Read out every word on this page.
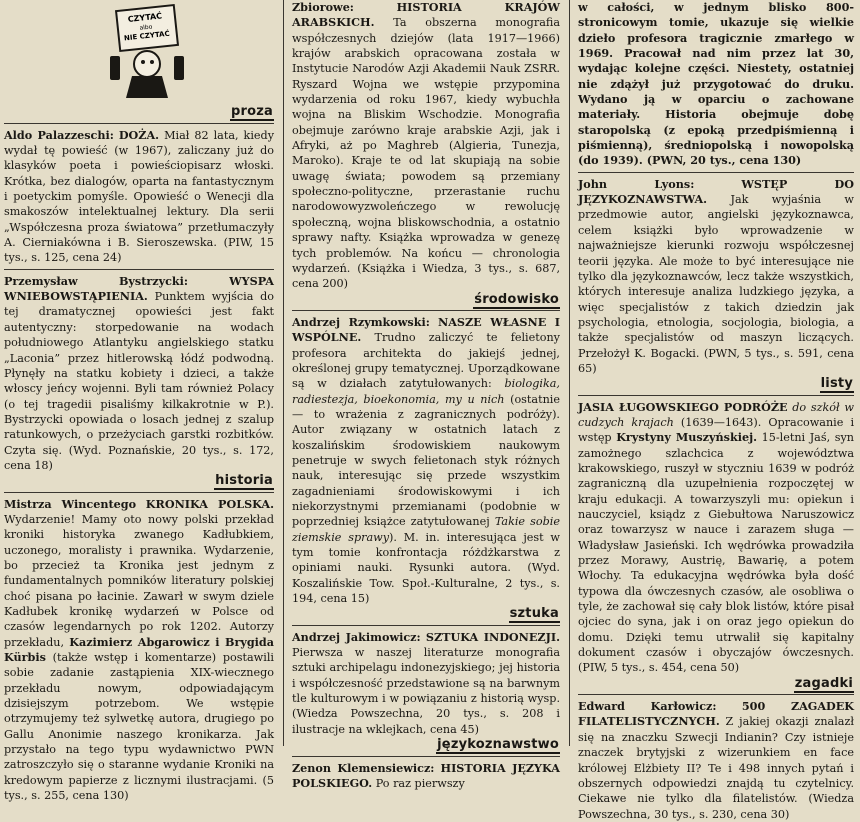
CZYTAĆ
albo
NIE CZYTAĆ
proza

Aldo Palazzeschi: DOŻA. Miał 82 lata, kiedy wydał tę powieść (w 1967), zaliczany już do klasyków poeta i powieściopisarz włoski. Krótka, bez dialogów, oparta na fantastycznym i poetyckim pomyśle. Opowieść o Wenecji dla smakoszów intelektualnej lektury. Dla serii „Współczesna proza światowa” przetłumaczyły A. Cierniakówna i B. Sieroszewska. (PIW, 15 tys., s. 125, cena 24)

Przemysław Bystrzycki:	WYSPA WNIEBOWSTĄPIENIA. Punktem wyjścia do tej dramatycznej opowieści jest fakt autentyczny: storpedowanie na wodach południowego Atlantyku angielskiego statku „Laconia” przez hitlerowską łódź podwodną. Płynęły na statku kobiety i dzieci, a także włoscy jeńcy wojenni. Byli tam również Polacy (o tej tragedii pisaliśmy kilkakrotnie w P.). Bystrzycki opowiada o losach jednej z szalup ratunkowych, o przeżyciach garstki rozbitków. Czyta się. (Wyd. Poznańskie, 20 tys., s. 172, cena 18)

historia

Mistrza Wincentego KRONIKA POLSKA. Wydarzenie! Mamy oto nowy polski przekład kroniki historyka zwanego Kadłubkiem, uczonego, moralisty i prawnika. Wydarzenie, bo przecież ta Kronika jest jednym z fundamentalnych pomników literatury polskiej choć pisana po łacinie. Zawarł w swym dziele Kadłubek kronikę wydarzeń w Polsce od czasów legendarnych po rok 1202. Autorzy przekładu, Kazimierz Abgarowicz i Brygida Kürbis (także wstęp i komentarze) postawili sobie zadanie zastąpienia XIX-wiecznego przekładu nowym, odpowiadającym dzisiejszym potrzebom. We wstępie otrzymujemy też sylwetkę autora, drugiego po Gallu Anonimie naszego kronikarza. Jak przystało na tego typu wydawnictwo PWN zatroszczyło się o staranne wydanie Kroniki na kredowym papierze z licznymi ilustracjami. (5 tys., s. 255, cena 130)

Zbiorowe:	HISTORIA KRAJÓW ARABSKICH. Ta obszerna monografia współczesnych dziejów (lata 1917—1966) krajów arabskich opracowana została w Instytucie Narodów Azji Akademii Nauk ZSRR. Ryszard Wojna we wstępie przypomina wydarzenia od roku 1967, kiedy wybuchła wojna na Bliskim Wschodzie. Monografia obejmuje zarówno kraje arabskie Azji, jak i Afryki, aż po Maghreb (Algieria, Tunezja, Maroko). Kraje te od lat skupiają na sobie uwagę świata; powodem są przemiany społeczno-polityczne, przerastanie ruchu narodowowyzwoleńczego w rewolucję społeczną, wojna bliskowschodnia, a ostatnio sprawy nafty. Książka wprowadza w genezę tych problemów. Na końcu — chronologia wydarzeń. (Książka i Wiedza, 3 tys., s. 687, cena 200)

środowisko

Andrzej Rzymkowski: NASZE WŁASNE I WSPÓLNE. Trudno zaliczyć te felietony profesora architekta do jakiejś jednej, określonej grupy tematycznej. Uporządkowane są w działach zatytułowanych: biologika, radiestezja, bioekonomia, my u nich (ostatnie — to wrażenia z zagranicznych podróży). Autor związany w ostatnich latach z koszalińskim środowiskiem naukowym penetruje w swych felietonach styk różnych nauk, interesując się przede wszystkim zagadnieniami środowiskowymi i ich niekorzystnymi przemianami (podobnie w poprzedniej książce zatytułowanej Takie sobie ziemskie sprawy). M. in. interesująca jest w tym tomie konfrontacja różdżkarstwa z opiniami nauki. Rysunki autora. (Wyd. Koszalińskie Tow. Społ.-Kulturalne, 2 tys., s. 194, cena 15)

sztuka

Andrzej Jakimowicz: SZTUKA INDONEZJI. Pierwsza w naszej literaturze monografia sztuki archipelagu indonezyjskiego; jej historia i współczesność przedstawione są na barwnym tle kulturowym i w powiązaniu z historią wysp. (Wiedza Powszechna, 20 tys., s. 208 i ilustracje na wklejkach, cena 45)

językoznawstwo

Zenon Klemensiewicz: HISTORIA JĘZYKA POLSKIEGO. Po raz pierwszy

w całości, w jednym blisko 800-stronicowym tomie, ukazuje się wielkie dzieło profesora tragicznie zmarłego w 1969. Pracował nad nim przez lat 30, wydając kolejne części. Niestety, ostatniej nie zdążył już przygotować do druku. Wydano ją w oparciu o zachowane materiały. Historia obejmuje dobę staropolską (z epoką przedpiśmienną i piśmienną), średniopolską i nowopolską (do 1939). (PWN, 20 tys., cena 130)

John Lyons:	WSTĘP DO JĘZYKOZNAWSTWA. Jak wyjaśnia w przedmowie autor, angielski językoznawca, celem książki było wprowadzenie w najważniejsze kierunki rozwoju współczesnej teorii języka. Ale może to być interesujące nie tylko dla językoznawców, lecz także wszystkich, których interesuje analiza ludzkiego języka, a więc specjalistów z takich dziedzin jak psychologia, etnologia, socjologia, biologia, a także specjalistów od maszyn liczących. Przełożył K. Bogacki. (PWN, 5 tys., s. 591, cena 65)

listy

JASIA ŁUGOWSKIEGO PODRÓŻE do szkół w cudzych krajach (1639—1643). Opracowanie i wstęp Krystyny Muszyńskiej. 15-letni Jaś, syn zamożnego szlachcica z województwa krakowskiego, ruszył w styczniu 1639 w podróż zagraniczną dla uzupełnienia rozpoczętej w kraju edukacji. A towarzyszyli mu: opiekun i nauczyciel, ksiądz z Giebułtowa Naruszowicz oraz towarzysz w nauce i zarazem sługa — Władysław Jasieński. Ich wędrówka prowadziła przez Morawy, Austrię, Bawarię, a potem Włochy. Ta edukacyjna wędrówka była dość typowa dla ówczesnych czasów, ale osobliwa o tyle, że zachował się cały blok listów, które pisał ojciec do syna, jak i on oraz jego opiekun do domu. Dzięki temu utrwalił się kapitalny dokument czasów i obyczajów ówczesnych. (PIW, 5 tys., s. 454, cena 50)

zagadki

Edward Karłowicz: 500 ZAGADEK FILATELISTYCZNYCH. Z jakiej okazji znalazł się na znaczku Szwecji Indianin? Czy istnieje znaczek brytyjski z wizerunkiem en face królowej Elżbiety II? Te i 498 innych pytań i obszernych odpowiedzi znajdą tu czytelnicy. Ciekawe nie tylko dla filatelistów. (Wiedza Powszechna, 30 tys., s. 230, cena 30)
